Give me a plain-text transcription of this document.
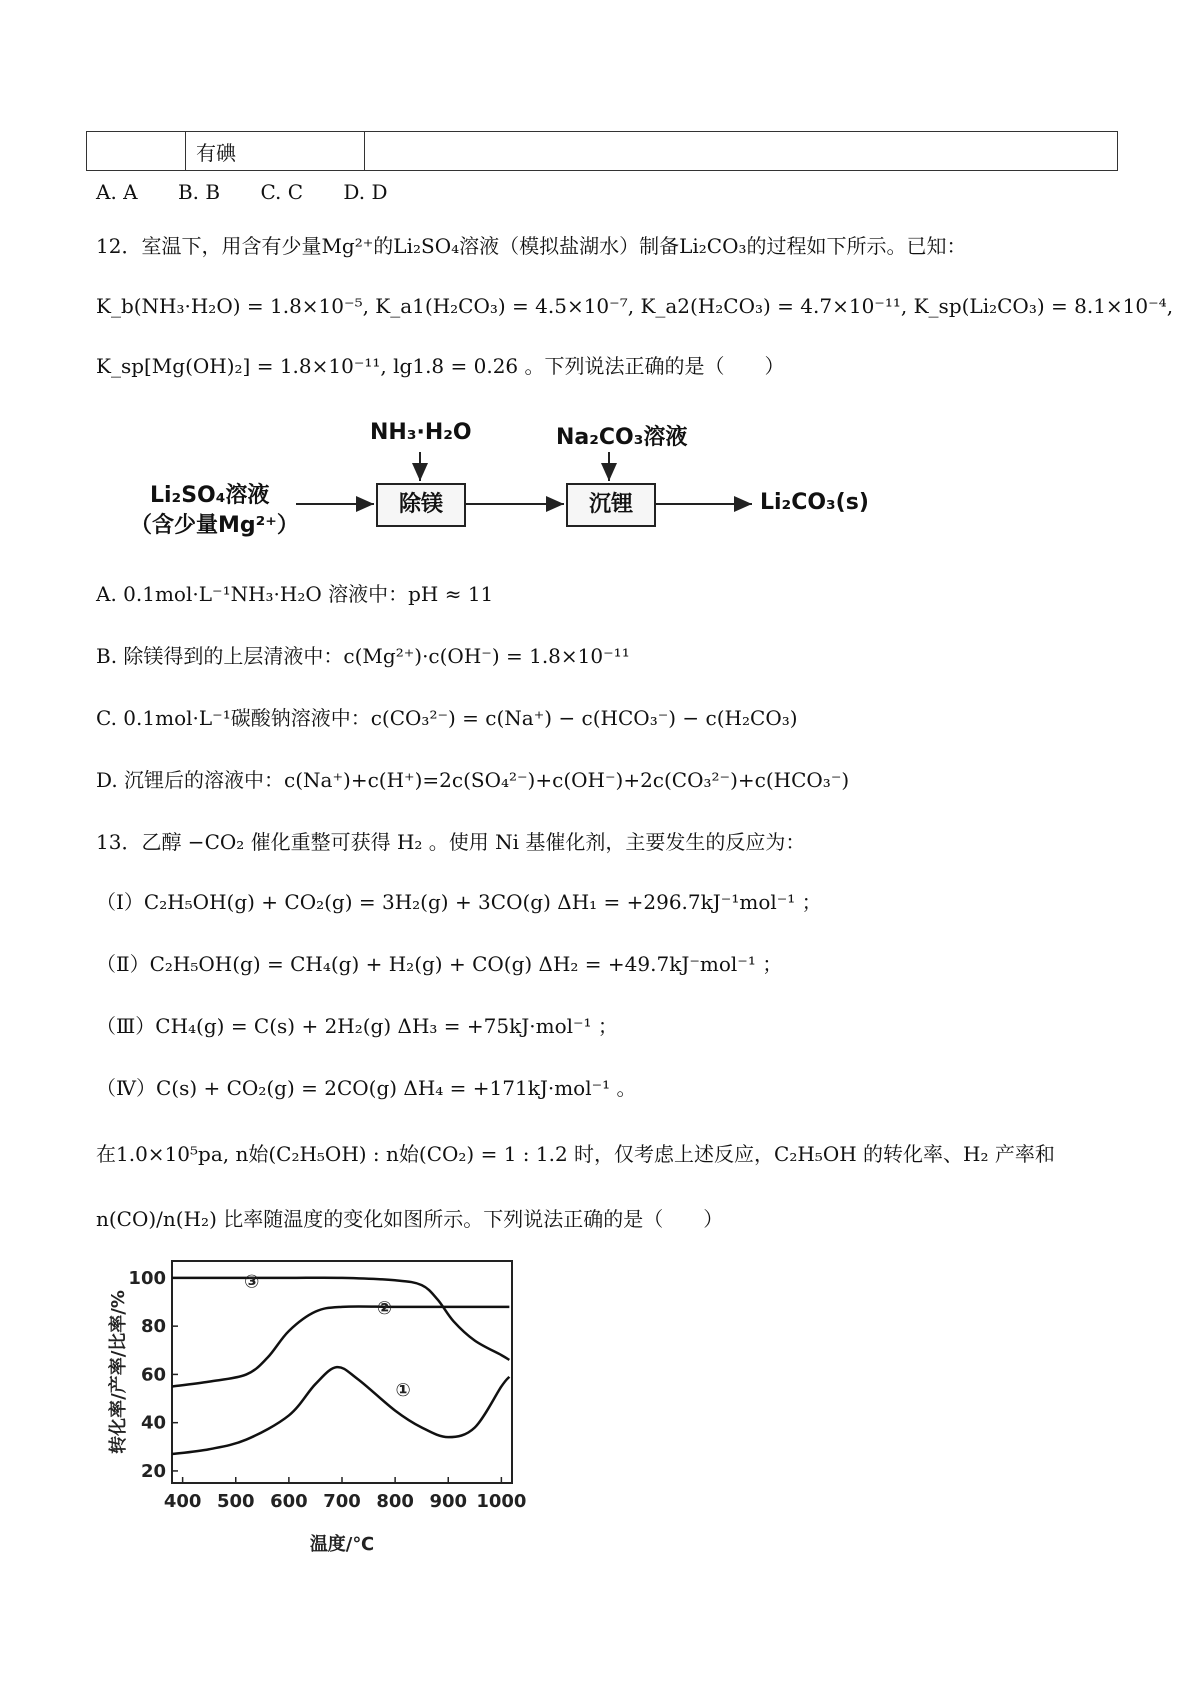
	有碘	
A. A B. B C. C D. D
12．室温下，用含有少量Mg²⁺的Li₂SO₄溶液（模拟盐湖水）制备Li₂CO₃的过程如下所示。已知：
K_b(NH₃·H₂O) = 1.8×10⁻⁵, K_a1(H₂CO₃) = 4.5×10⁻⁷, K_a2(H₂CO₃) = 4.7×10⁻¹¹, K_sp(Li₂CO₃) = 8.1×10⁻⁴,
K_sp[Mg(OH)₂] = 1.8×10⁻¹¹, lg1.8 = 0.26 。下列说法正确的是（　　）
NH₃·H₂O	Na₂CO₃溶液
Li₂SO₄溶液
（含少量Mg²⁺）
除镁	沉锂	Li₂CO₃(s)
A. 0.1mol·L⁻¹NH₃·H₂O 溶液中：pH ≈ 11
B. 除镁得到的上层清液中：c(Mg²⁺)·c(OH⁻) = 1.8×10⁻¹¹
C. 0.1mol·L⁻¹碳酸钠溶液中：c(CO₃²⁻) = c(Na⁺) − c(HCO₃⁻) − c(H₂CO₃)
D. 沉锂后的溶液中：c(Na⁺)+c(H⁺)=2c(SO₄²⁻)+c(OH⁻)+2c(CO₃²⁻)+c(HCO₃⁻)
13．乙醇 −CO₂ 催化重整可获得 H₂ 。使用 Ni 基催化剂，主要发生的反应为：
（Ⅰ）C₂H₅OH(g) + CO₂(g) = 3H₂(g) + 3CO(g) ΔH₁ = +296.7kJ⁻¹mol⁻¹ ；
（Ⅱ）C₂H₅OH(g) = CH₄(g) + H₂(g) + CO(g) ΔH₂ = +49.7kJ⁻mol⁻¹ ；
（Ⅲ）CH₄(g) = C(s) + 2H₂(g) ΔH₃ = +75kJ·mol⁻¹ ；
（Ⅳ）C(s) + CO₂(g) = 2CO(g) ΔH₄ = +171kJ·mol⁻¹ 。
在1.0×10⁵pa, n始(C₂H₅OH) : n始(CO₂) = 1 : 1.2 时，仅考虑上述反应，C₂H₅OH 的转化率、H₂ 产率和
n(CO)/n(H₂) 比率随温度的变化如图所示。下列说法正确的是（　　）
20
40
60
80
100
400 500 600 700 800 900 1000
③
②
①
温度/℃
转化率/产率/比率/%
